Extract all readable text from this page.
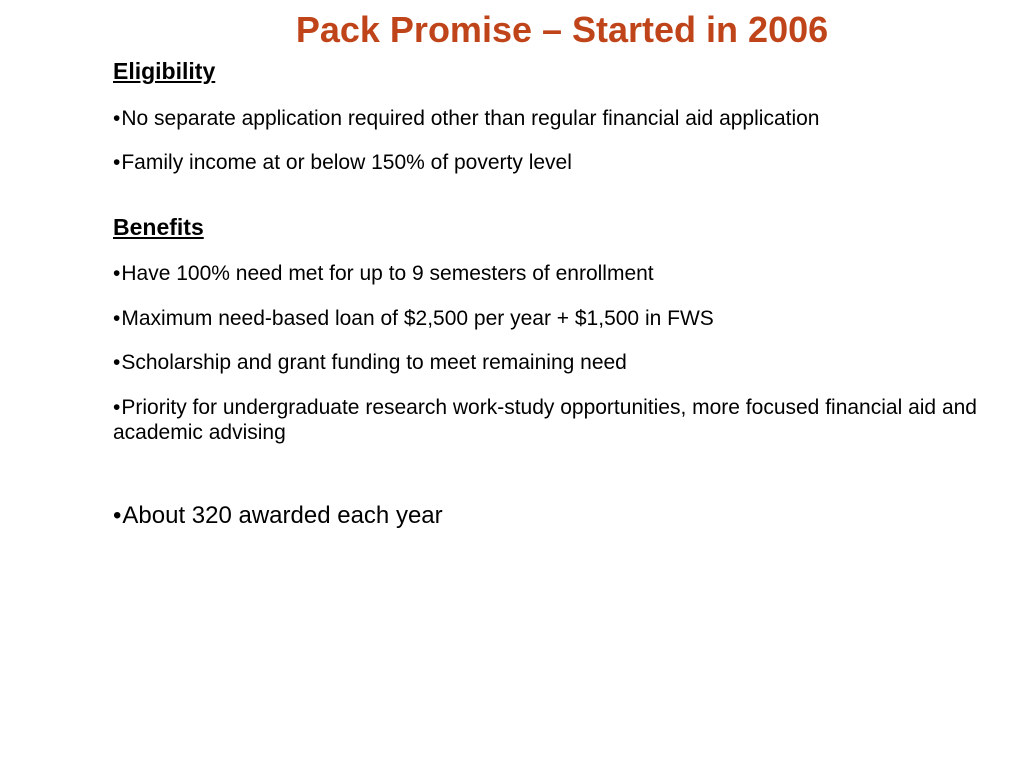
Pack Promise – Started in 2006
Eligibility

•No separate application required other than regular financial aid application

•Family income at or below 150% of poverty level

Benefits

•Have 100% need met for up to 9 semesters of enrollment

•Maximum need-based loan of $2,500 per year + $1,500 in FWS

•Scholarship and grant funding to meet remaining need

•Priority for undergraduate research work-study opportunities, more focused financial aid and academic advising

•About 320 awarded each year
